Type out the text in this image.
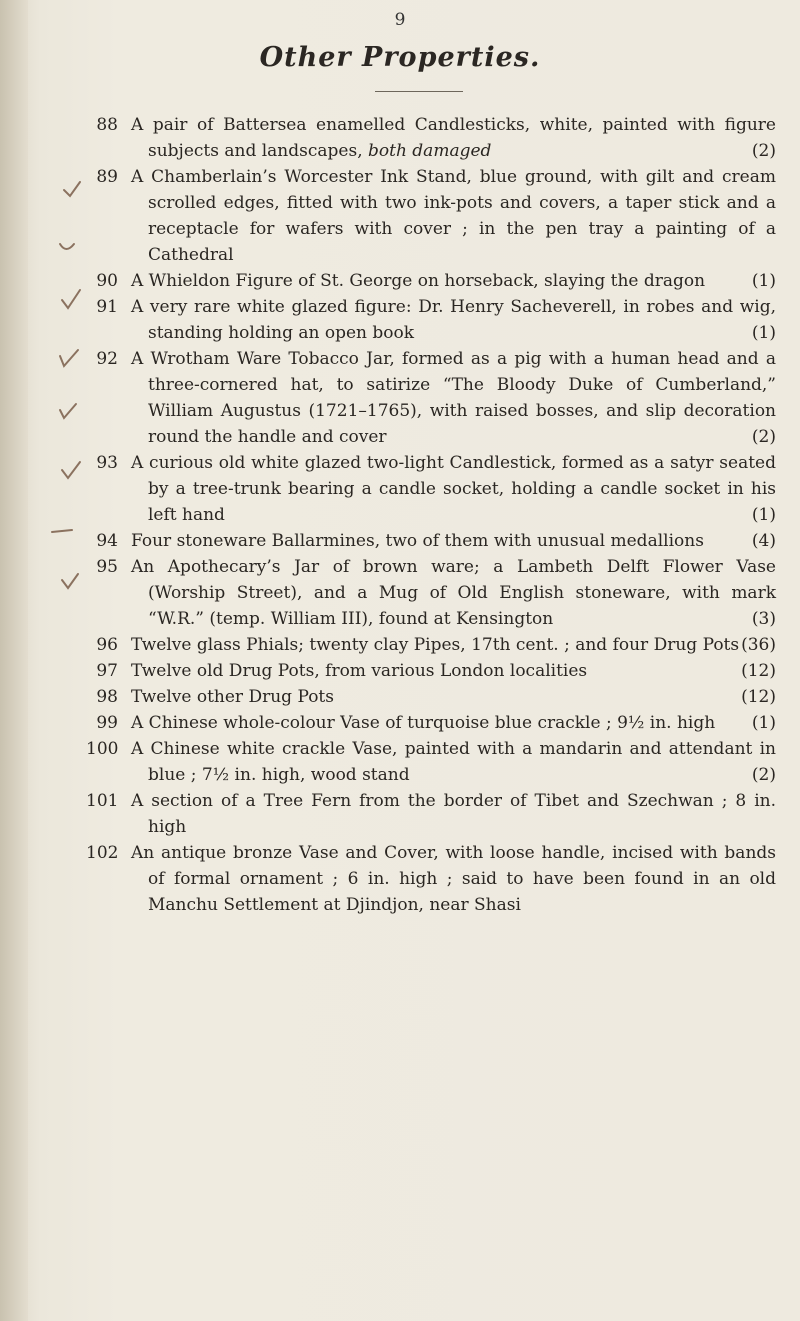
9
Other Properties.
88 A pair of Battersea enamelled Candlesticks, white, painted with figure subjects and landscapes, both damaged	(2)
89 A Chamberlain’s Worcester Ink Stand, blue ground, with gilt and cream scrolled edges, fitted with two ink-pots and covers, a taper stick and a receptacle for wafers with cover ; in the pen tray a painting of a Cathedral
90 A Whieldon Figure of St. George on horseback, slaying the dragon	(1)
91 A very rare white glazed figure: Dr. Henry Sacheverell, in robes and wig, standing holding an open book	(1)
92 A Wrotham Ware Tobacco Jar, formed as a pig with a human head and a three-cornered hat, to satirize “The Bloody Duke of Cumberland,” William Augustus (1721–1765), with raised bosses, and slip decoration round the handle and cover	(2)
93 A curious old white glazed two-light Candlestick, formed as a satyr seated by a tree-trunk bearing a candle socket, holding a candle socket in his left hand	(1)
94 Four stoneware Ballarmines, two of them with unusual medallions	(4)
95 An Apothecary’s Jar of brown ware; a Lambeth Delft Flower Vase (Worship Street), and a Mug of Old English stoneware, with mark “W.R.” (temp. William III), found at Kensington	(3)
96 Twelve glass Phials; twenty clay Pipes, 17th cent. ; and four Drug Pots (36)
97 Twelve old Drug Pots, from various London localities	(12)
98 Twelve other Drug Pots	(12)
99 A Chinese whole-colour Vase of turquoise blue crackle ; 9½ in. high (1)
100 A Chinese white crackle Vase, painted with a mandarin and attendant in blue ; 7½ in. high, wood stand	(2)
101 A section of a Tree Fern from the border of Tibet and Szechwan ; 8 in. high
102 An antique bronze Vase and Cover, with loose handle, incised with bands of formal ornament ; 6 in. high ; said to have been found in an old Manchu Settlement at Djindjon, near Shasi
